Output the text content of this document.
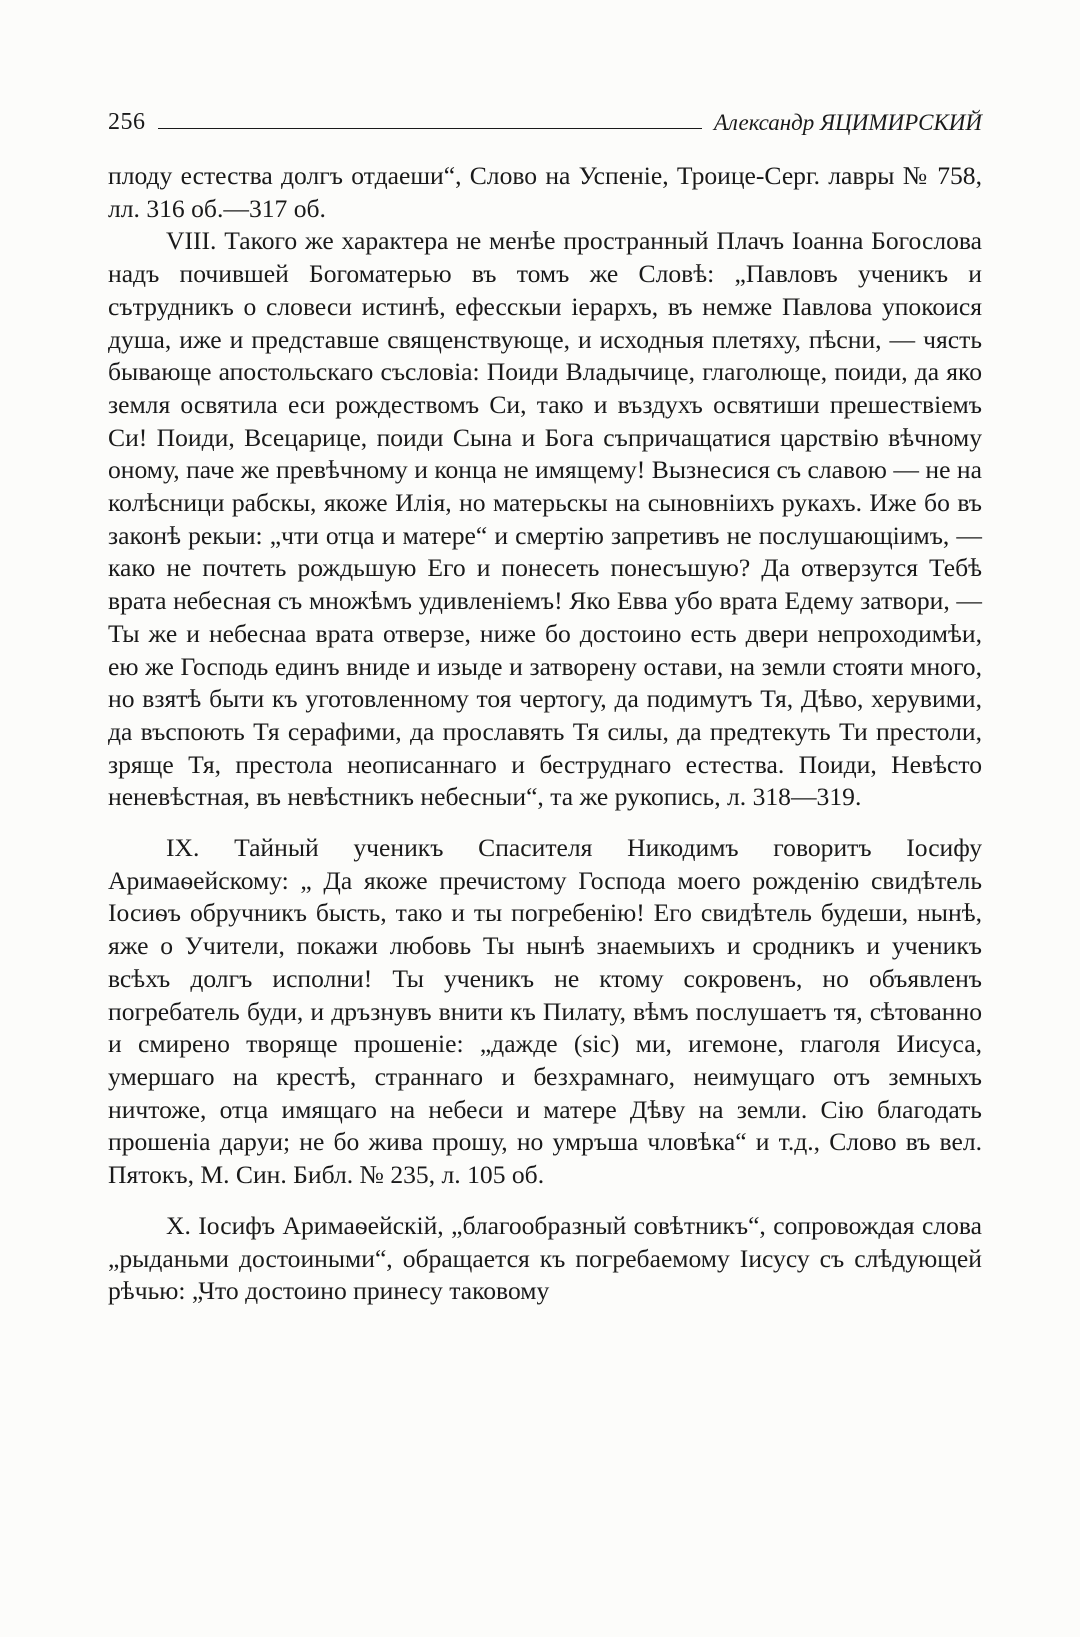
256	Александр ЯЦИМИРСКИЙ

плоду естества долгъ отдаеши“, Слово на Успеніе, Троице-Серг. лавры № 758, лл. 316 об.—317 об.

VIII. Такого же характера не менѣе пространный Плачъ Іоанна Богослова надъ почившей Богоматерью въ томъ же Словѣ: „Павловъ ученикъ и сътрудникъ о словеси истинѣ, ефесскыи іерархъ, въ немже Павлова упокоися душа, иже и представше священствующе, и исходныя плетяху, пѣсни, — чясть бывающе апостольскаго съсловіа: Поиди Владычице, глаголюще, поиди, да яко земля освятила еси рождествомъ Си, тако и въздухъ освятиши прешествіемъ Си! Поиди, Всецарице, поиди Сына и Бога съпричащатися царствію вѣчному оному, паче же превѣчному и конца не имящему! Вызнесися съ славою — не на колѣсници рабскы, якоже Илія, но матерьскы на сыновніихъ рукахъ. Иже бо въ законѣ рекыи: „чти отца и матере“ и смертію запретивъ не послушающіимъ, — како не почтеть рождьшую Его и понесеть понесъшую? Да отверзутся Тебѣ врата небесная съ множѣмъ удивленіемъ! Яко Евва убо врата Едему затвори, — Ты же и небеснаа врата отверзе, ниже бо достоино есть двери непроходимѣи, ею же Господь единъ вниде и изыде и затворену остави, на земли стояти много, но взятѣ быти къ уготовленному тоя чертогу, да подимутъ Тя, Дѣво, херувими, да въспоють Тя серафими, да прославять Тя силы, да предтекуть Ти престоли, зряще Тя, престола неописаннаго и беструднаго естества. Поиди, Невѣсто неневѣстная, въ невѣстникъ небесныи“, та же рукопись, л. 318—319.

IX. Тайный ученикъ Спасителя Никодимъ говоритъ Іосифу Аримаѳейскому: „ Да якоже пречистому Господа моего рожденію свидѣтель Іосиѳъ обручникъ бысть, тако и ты погребенію! Его свидѣтель будеши, нынѣ, яже о Учители, покажи любовь Ты нынѣ знаемыихъ и сродникъ и ученикъ всѣхъ долгъ исполни! Ты ученикъ не ктому сокровенъ, но объявленъ погребатель буди, и дръзнувъ внити къ Пилату, вѣмъ послушаетъ тя, сѣтованно и смирено творяще прошеніе: „дажде (sic) ми, игемоне, глаголя Иисуса, умершаго на крестѣ, страннаго и безхрамнаго, неимущаго отъ земныхъ ничтоже, отца имящаго на небеси и матере Дѣву на земли. Сію благодать прошеніа даруи; не бо жива прошу, но умръша чловѣка“ и т.д., Слово въ вел. Пятокъ, М. Син. Библ. № 235, л. 105 об.

X. Іосифъ Аримаѳейскій, „благообразный совѣтникъ“, сопровождая слова „рыданьми достоиными“, обращается къ погребаемому Іисусу съ слѣдующей рѣчью: „Что достоино принесу таковому
